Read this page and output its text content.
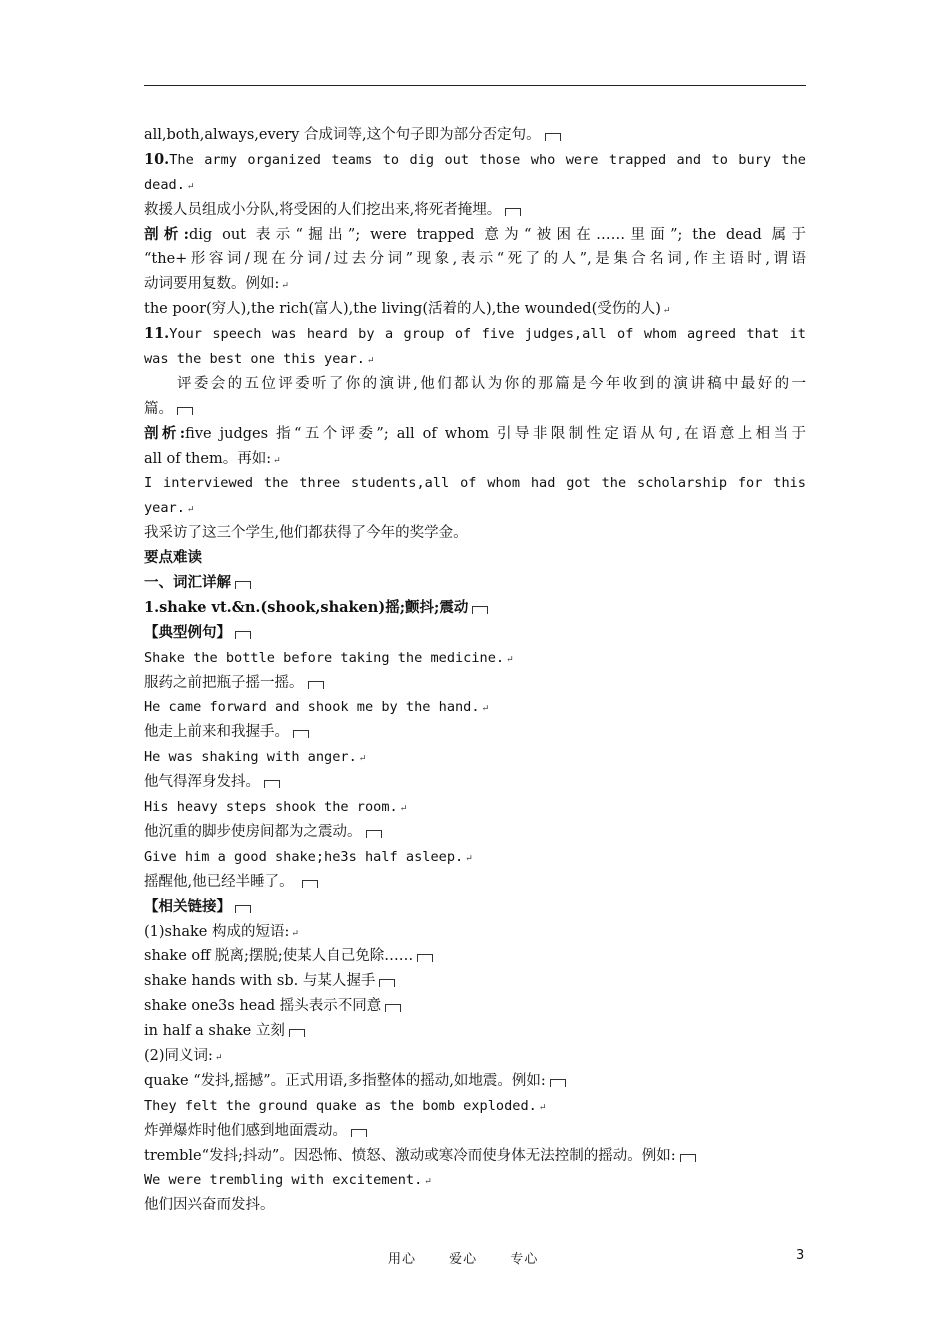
all,both,always,every 合成词等,这个句子即为部分否定句。
10.The army organized teams to dig out those who were trapped and to bury the
dead. ↵
救援人员组成小分队,将受困的人们挖出来,将死者掩埋。
剖析:dig out 表示“掘出”; were trapped 意为“被困在……里面”; the dead 属于
“the+形容词/现在分词/过去分词”现象,表示“死了的人”,是集合名词,作主语时,谓语
动词要用复数。例如: ↵
the poor(穷人),the rich(富人),the living(活着的人),the wounded(受伤的人) ↵
11.Your speech was heard by a group of five judges,all of whom agreed that it
was the best one this year. ↵
评委会的五位评委听了你的演讲,他们都认为你的那篇是今年收到的演讲稿中最好的一
篇。
剖析:five judges 指“五个评委”; all of whom 引导非限制性定语从句,在语意上相当于
all of them。再如: ↵
I interviewed the three students,all of whom had got the scholarship for this
year. ↵
我采访了这三个学生,他们都获得了今年的奖学金。
要点难读
一、词汇详解
1.shake vt.&n.(shook,shaken)摇;颤抖;震动
【典型例句】
Shake the bottle before taking the medicine. ↵
服药之前把瓶子摇一摇。
He came forward and shook me by the hand. ↵
他走上前来和我握手。
He was shaking with anger. ↵
他气得浑身发抖。
His heavy steps shook the room. ↵
他沉重的脚步使房间都为之震动。
Give him a good shake;he3s half asleep. ↵
摇醒他,他已经半睡了。
【相关链接】
(1)shake 构成的短语: ↵
shake off 脱离;摆脱;使某人自己免除……
shake hands with sb. 与某人握手
shake one3s head 摇头表示不同意
in half a shake 立刻
(2)同义词: ↵
quake “发抖,摇撼”。正式用语,多指整体的摇动,如地震。例如:
They felt the ground quake as the bomb exploded. ↵
炸弹爆炸时他们感到地面震动。
tremble“发抖;抖动”。因恐怖、愤怒、激动或寒冷而使身体无法控制的摇动。例如:
We were trembling with excitement. ↵
他们因兴奋而发抖。
用心	爱心	专心	3
